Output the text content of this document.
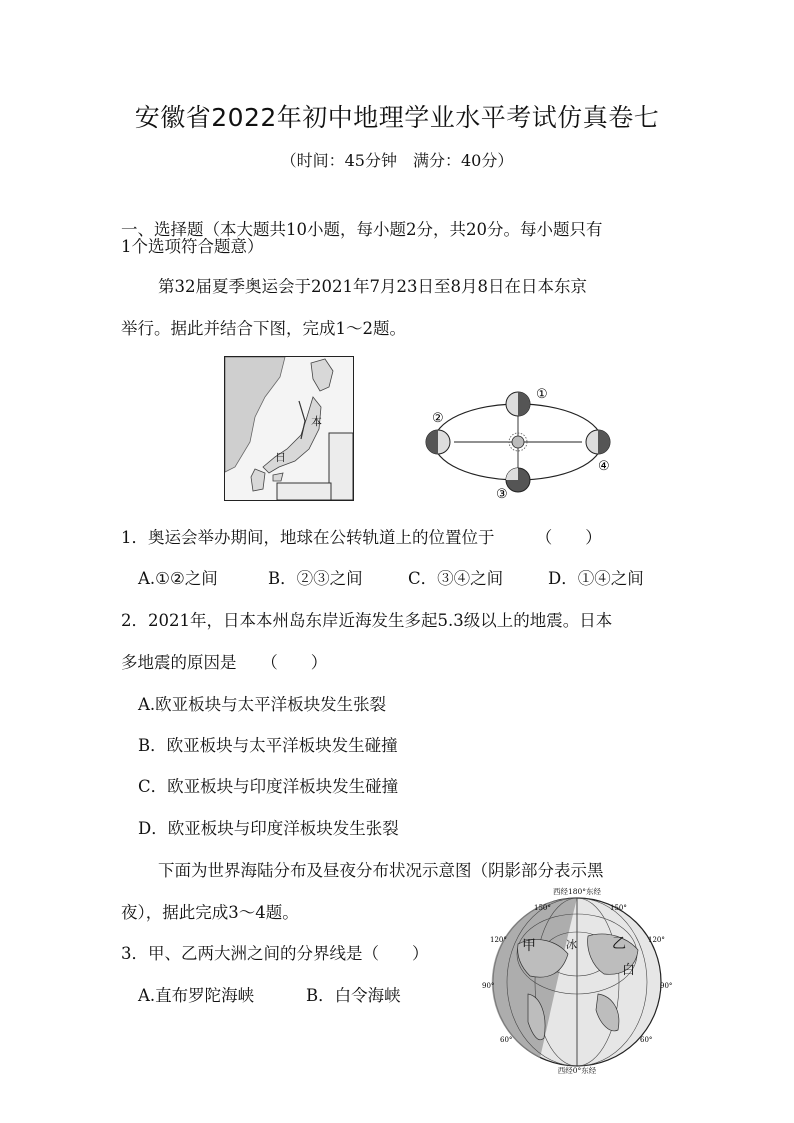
安徽省2022年初中地理学业水平考试仿真卷七
（时间：45分钟　满分：40分）
一、选择题（本大题共10小题，每小题2分，共20分。每小题只有
1个选项符合题意）
第32届夏季奥运会于2021年7月23日至8月8日在日本东京
举行。据此并结合下图，完成1～2题。
本
日
①
②
③
④
1．奥运会举办期间，地球在公转轨道上的位置位于　　　（　　）
A.①②之间	B．②③之间	C．③④之间	D．①④之间
2．2021年，日本本州岛东岸近海发生多起5.3级以上的地震。日本
多地震的原因是　　（　　）
A.欧亚板块与太平洋板块发生张裂
B．欧亚板块与太平洋板块发生碰撞
C．欧亚板块与印度洋板块发生碰撞
D．欧亚板块与印度洋板块发生张裂
下面为世界海陆分布及昼夜分布状况示意图（阴影部分表示黑
夜），据此完成3～4题。
3．甲、乙两大洲之间的分界线是（　　）
A.直布罗陀海峡	B．白令海峡
西经180°东经
甲	乙
白
冰
150°	150°
120°	120°
90°	90°
60°	60°
西经0°东经
